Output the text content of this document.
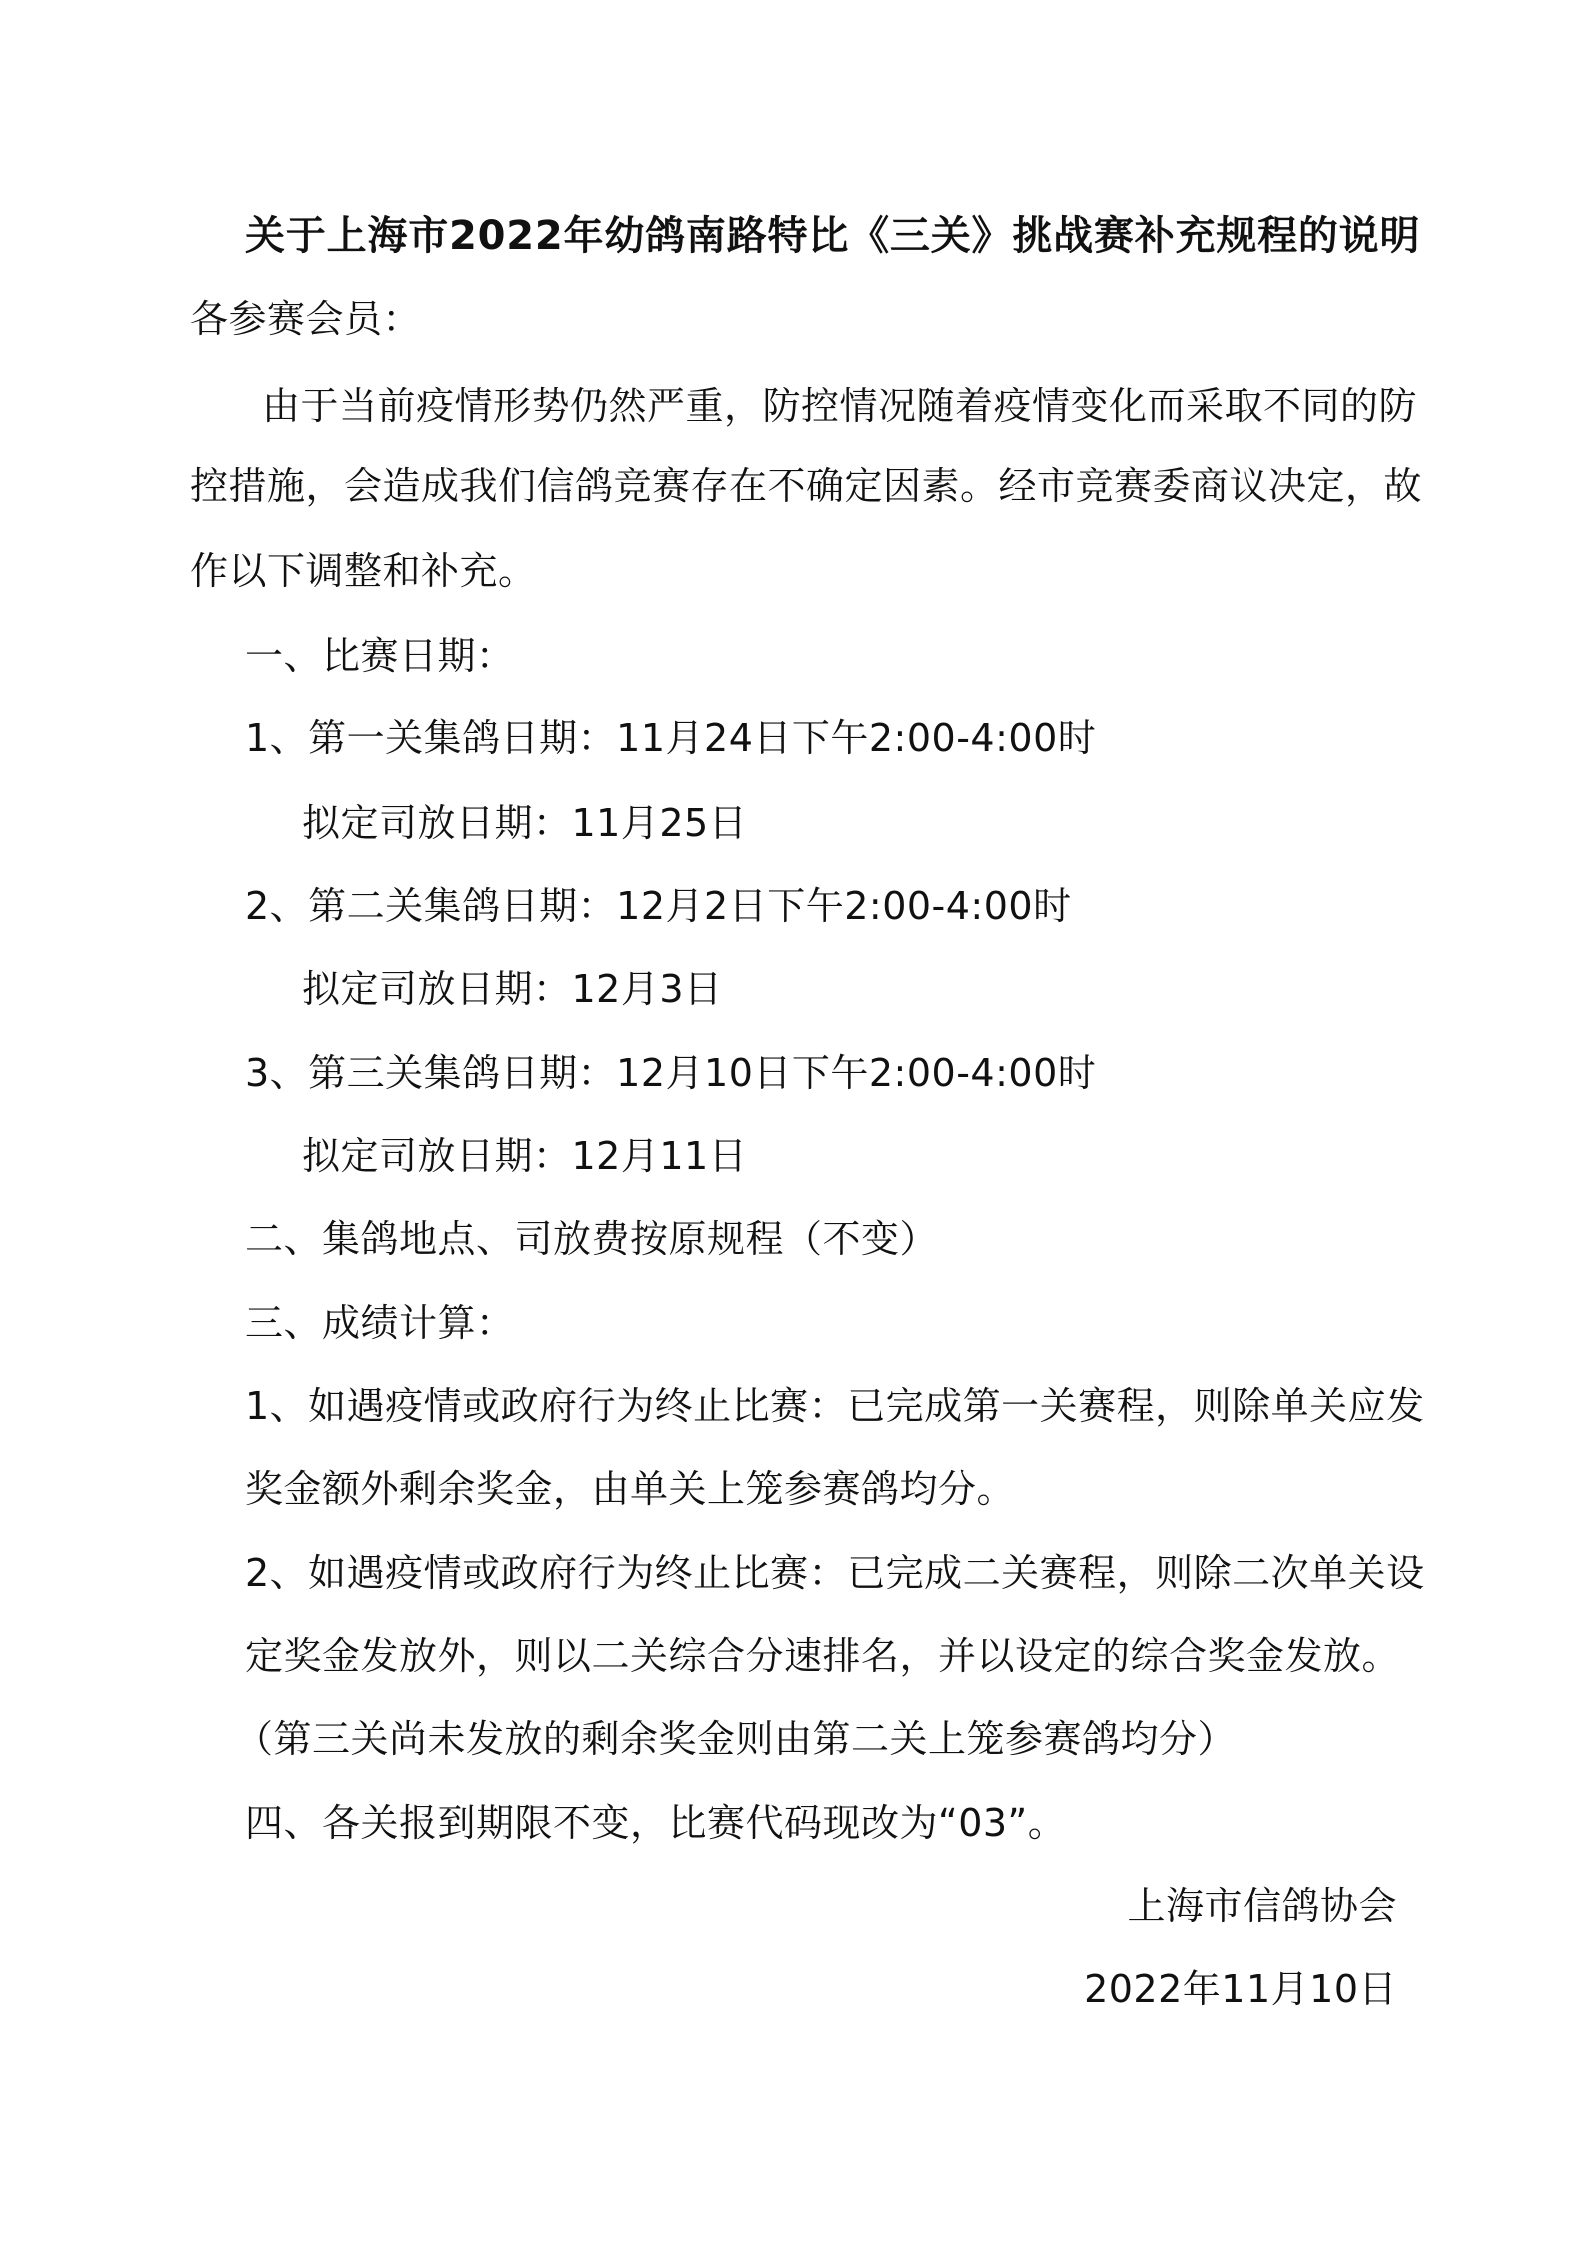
关于上海市2022年幼鸽南路特比《三关》挑战赛补充规程的说明
各参赛会员：
由于当前疫情形势仍然严重，防控情况随着疫情变化而采取不同的防
控措施，会造成我们信鸽竞赛存在不确定因素。经市竞赛委商议决定，故
作以下调整和补充。
一、比赛日期：
1、第一关集鸽日期：11月24日下午2:00-4:00时
拟定司放日期：11月25日
2、第二关集鸽日期：12月2日下午2:00-4:00时
拟定司放日期：12月3日
3、第三关集鸽日期：12月10日下午2:00-4:00时
拟定司放日期：12月11日
二、集鸽地点、司放费按原规程（不变）
三、成绩计算：
1、如遇疫情或政府行为终止比赛：已完成第一关赛程，则除单关应发
奖金额外剩余奖金，由单关上笼参赛鸽均分。
2、如遇疫情或政府行为终止比赛：已完成二关赛程，则除二次单关设
定奖金发放外，则以二关综合分速排名，并以设定的综合奖金发放。
（第三关尚未发放的剩余奖金则由第二关上笼参赛鸽均分）
四、各关报到期限不变，比赛代码现改为“03”。
上海市信鸽协会
2022年11月10日
